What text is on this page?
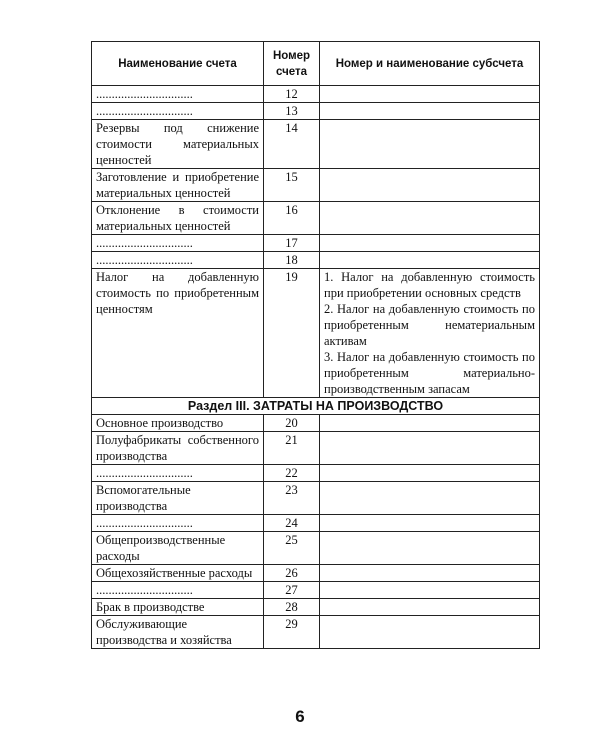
Наименование счета	Номер счета	Номер и наименование субсчета
...............................	12	
...............................	13	
Резервы под снижение стоимости материальных ценностей	14	
Заготовление и приобретение материальных ценностей	15	
Отклонение в стоимости материальных ценностей	16	
...............................	17	
...............................	18	
Налог на добавленную стоимость по приобретенным ценностям	19	1. Налог на добавленную стоимость при приобретении основных средств
2. Налог на добавленную стоимость по приобретенным нематериальным активам
3. Налог на добавленную стоимость по приобретенным материально-производственным запасам

Раздел III. ЗАТРАТЫ НА ПРОИЗВОДСТВО		
Основное производство	20	
Полуфабрикаты собственного производства	21	
...............................	22	
Вспомогательные производства	23	
...............................	24	
Общепроизводственные расходы	25	
Общехозяйственные расходы	26	
...............................	27	
Брак в производстве	28	
Обслуживающие производства и хозяйства	29	
6
